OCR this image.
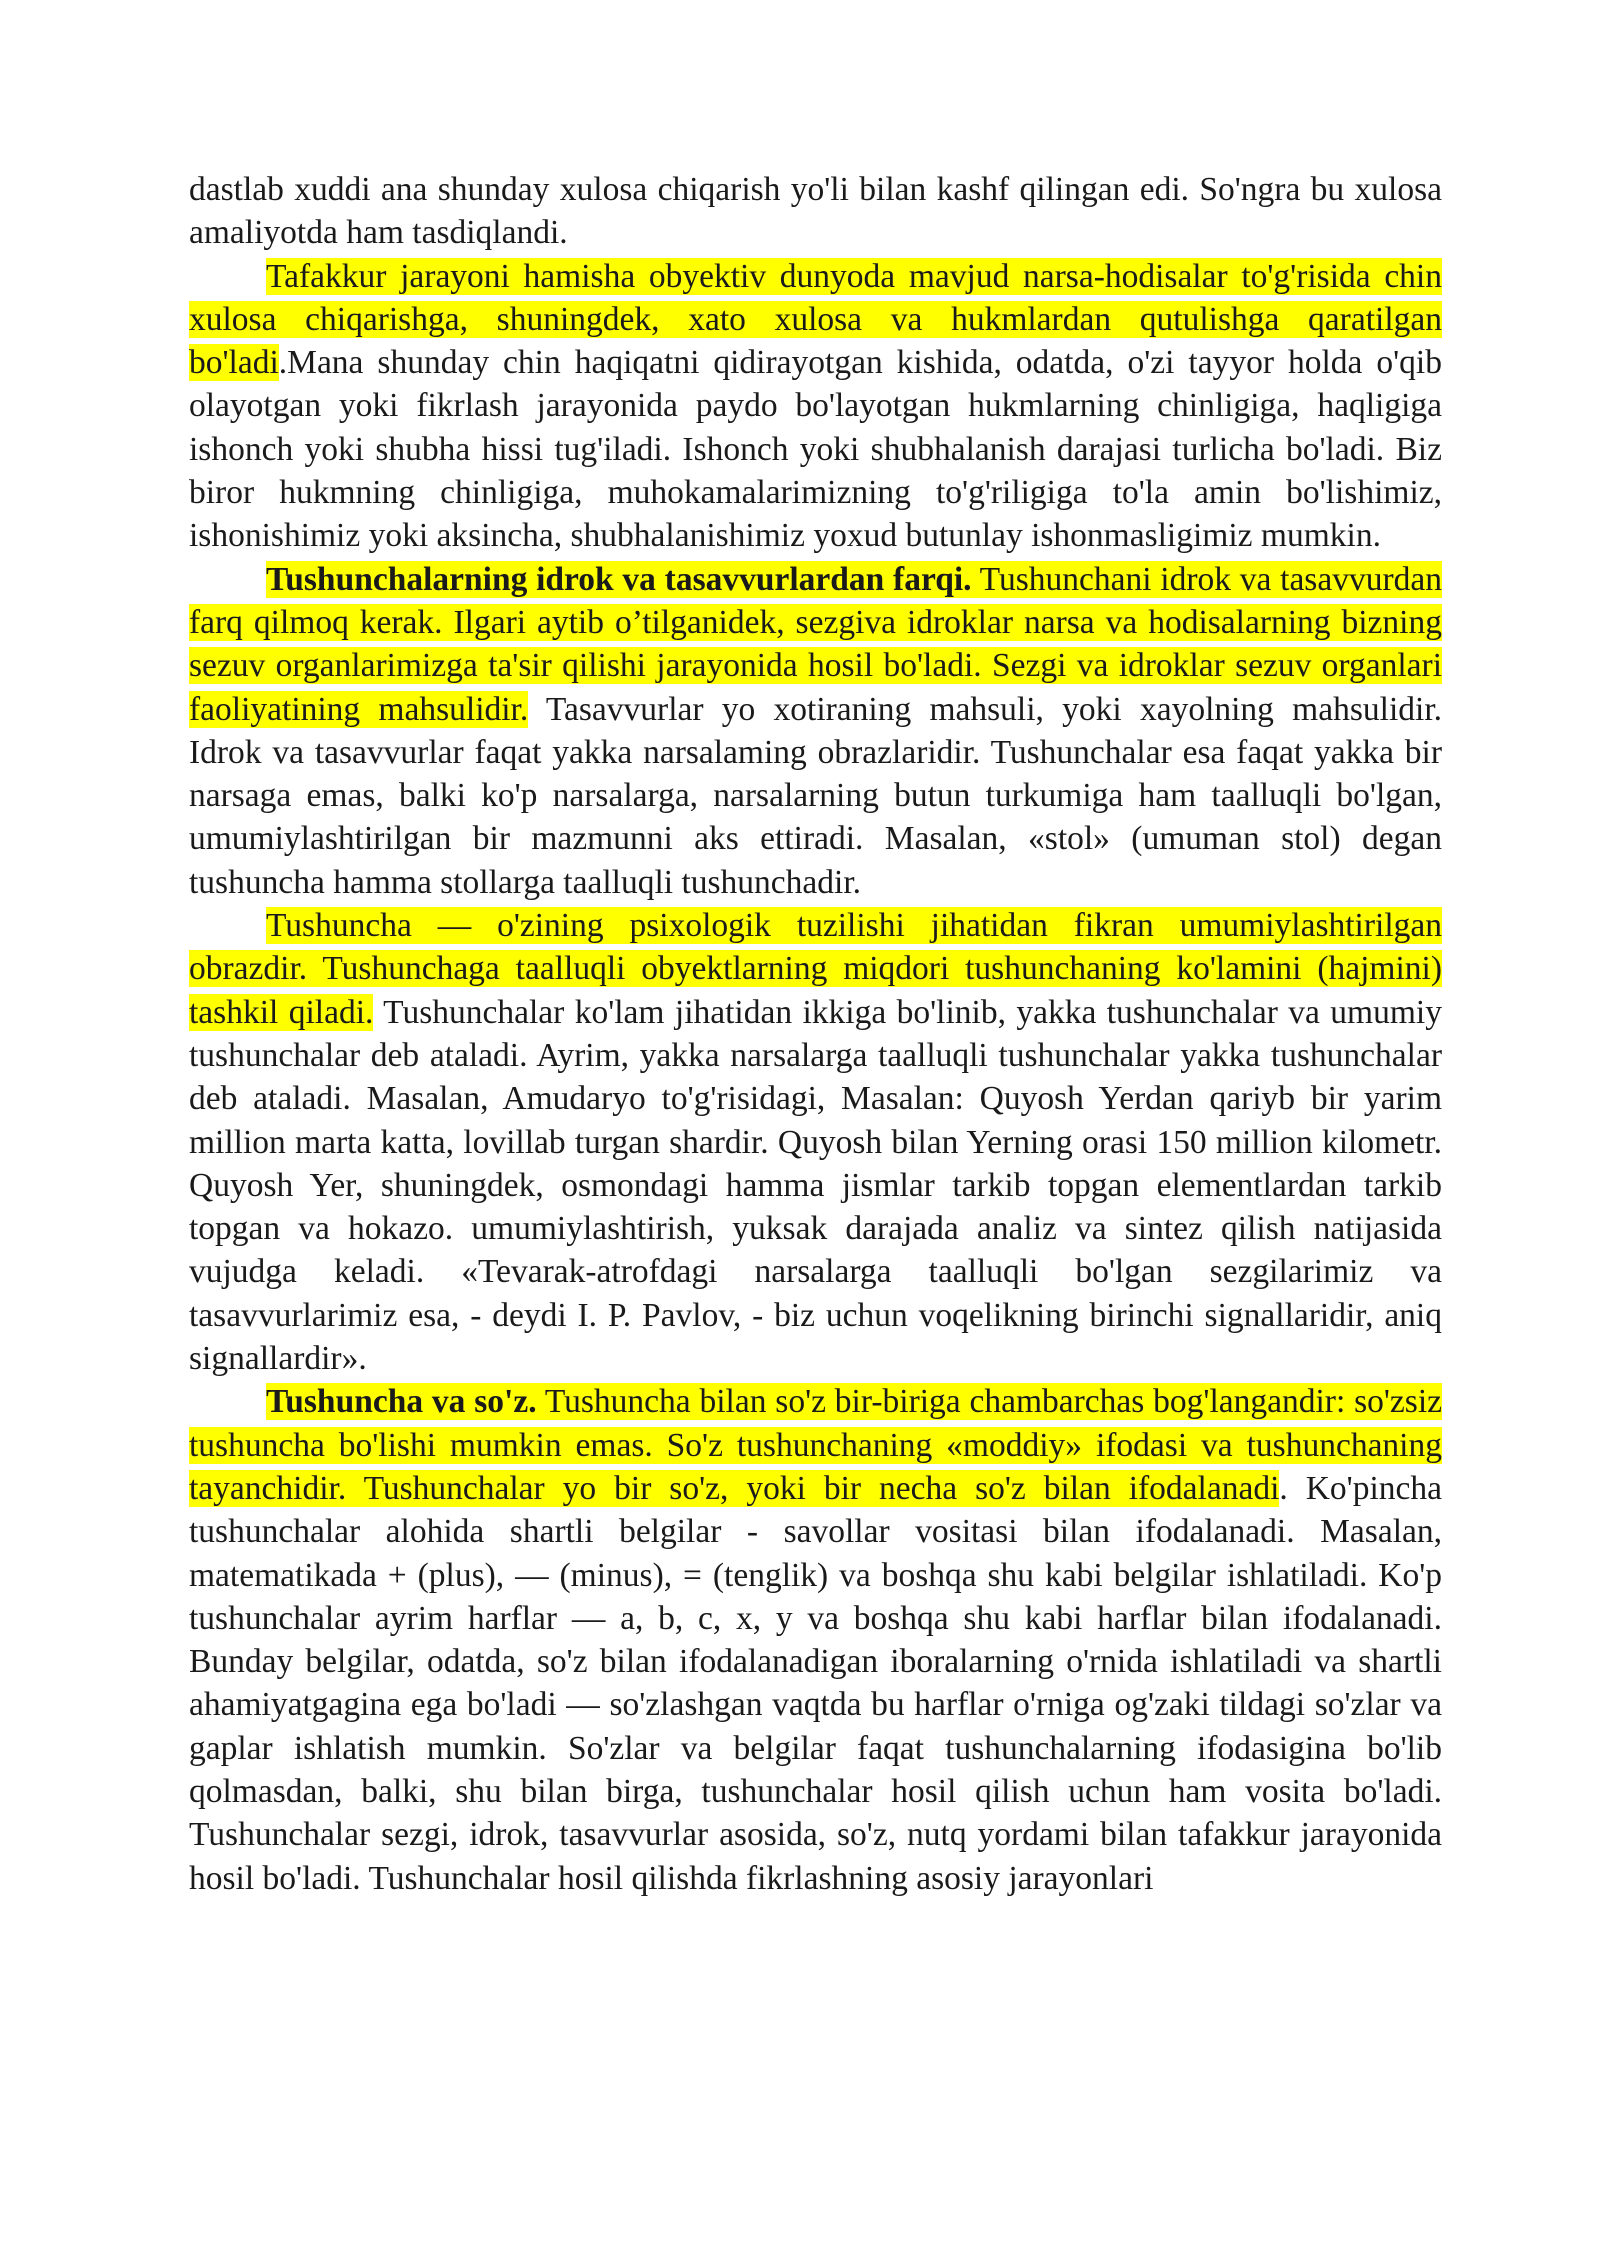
dastlab xuddi ana shunday xulosa chiqarish yo'li bilan kashf qilingan edi. So'ngra bu xulosa amaliyotda ham tasdiqlandi.

Tafakkur jarayoni hamisha obyektiv dunyoda mavjud narsa-hodisalar to'g'risida chin xulosa chiqarishga, shuningdek, xato xulosa va hukmlardan qutulishga qaratilgan bo'ladi.Mana shunday chin haqiqatni qidirayotgan kishida, odatda, o'zi tayyor holda o'qib olayotgan yoki fikrlash jarayonida paydo bo'layotgan hukmlarning chinligiga, haqligiga ishonch yoki shubha hissi tug'iladi. Ishonch yoki shubhalanish darajasi turlicha bo'ladi. Biz biror hukmning chinligiga, muhokamalarimizning to'g'riligiga to'la amin bo'lishimiz, ishonishimiz yoki aksincha, shubhalanishimiz yoxud butunlay ishonmasligimiz mumkin.

Tushunchalarning idrok va tasavvurlardan farqi. Tushunchani idrok va tasavvurdan farq qilmoq kerak. Ilgari aytib o’tilganidek, sezgiva idroklar narsa va hodisalarning bizning sezuv organlarimizga ta'sir qilishi jarayonida hosil bo'ladi. Sezgi va idroklar sezuv organlari faoliyatining mahsulidir. Tasavvurlar yo xotiraning mahsuli, yoki xayolning mahsulidir. Idrok va tasavvurlar faqat yakka narsalaming obrazlaridir. Tushunchalar esa faqat yakka bir narsaga emas, balki ko'p narsalarga, narsalarning butun turkumiga ham taalluqli bo'lgan, umumiylashtirilgan bir mazmunni aks ettiradi. Masalan, «stol» (umuman stol) degan tushuncha hamma stollarga taalluqli tushunchadir.

Tushuncha — o'zining psixologik tuzilishi jihatidan fikran umumiylashtirilgan obrazdir. Tushunchaga taalluqli obyektlarning miqdori tushunchaning ko'lamini (hajmini) tashkil qiladi. Tushunchalar ko'lam jihatidan ikkiga bo'linib, yakka tushunchalar va umumiy tushunchalar deb ataladi. Ayrim, yakka narsalarga taalluqli tushunchalar yakka tushunchalar deb ataladi. Masalan, Amudaryo to'g'risidagi, Masalan: Quyosh Yerdan qariyb bir yarim million marta katta, lovillab turgan shardir. Quyosh bilan Yerning orasi 150 million kilometr. Quyosh Yer, shuningdek, osmondagi hamma jismlar tarkib topgan elementlardan tarkib topgan va hokazo. umumiylashtirish, yuksak darajada analiz va sintez qilish natijasida vujudga keladi. «Tevarak-atrofdagi narsalarga taalluqli bo'lgan sezgilarimiz va tasavvurlarimiz esa, - deydi I. P. Pavlov, - biz uchun voqelikning birinchi signallaridir, aniq signallardir».

Tushuncha va so'z. Tushuncha bilan so'z bir-biriga chambarchas bog'langandir: so'zsiz tushuncha bo'lishi mumkin emas. So'z tushunchaning «moddiy» ifodasi va tushunchaning tayanchidir. Tushunchalar yo bir so'z, yoki bir necha so'z bilan ifodalanadi. Ko'pincha tushunchalar alohida shartli belgilar - savollar vositasi bilan ifodalanadi. Masalan, matematikada + (plus), — (minus), = (tenglik) va boshqa shu kabi belgilar ishlatiladi. Ko'p tushunchalar ayrim harflar — a, b, c, x, y va boshqa shu kabi harflar bilan ifodalanadi. Bunday belgilar, odatda, so'z bilan ifodalanadigan iboralarning o'rnida ishlatiladi va shartli ahamiyatgagina ega bo'ladi — so'zlashgan vaqtda bu harflar o'rniga og'zaki tildagi so'zlar va gaplar ishlatish mumkin. So'zlar va belgilar faqat tushunchalarning ifodasigina bo'lib qolmasdan, balki, shu bilan birga, tushunchalar hosil qilish uchun ham vosita bo'ladi. Tushunchalar sezgi, idrok, tasavvurlar asosida, so'z, nutq yordami bilan tafakkur jarayonida hosil bo'ladi. Tushunchalar hosil qilishda fikrlashning asosiy jarayonlari
